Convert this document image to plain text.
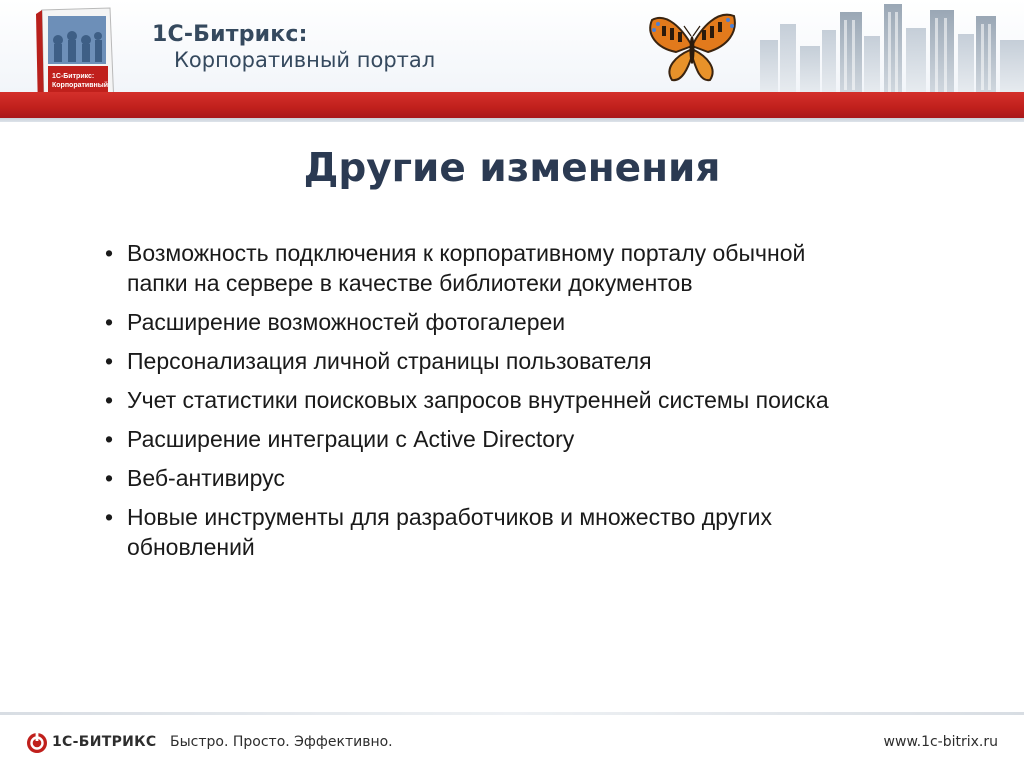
1С-Битрикс:
Корпоративный
1С-Битрикс:
Корпоративный портал
Другие изменения
• Возможность подключения к корпоративному порталу обычной папки на сервере в качестве библиотеки документов
• Расширение возможностей фотогалереи
• Персонализация личной страницы пользователя
• Учет статистики поисковых запросов внутренней системы поиска
• Расширение интеграции с Active Directory
• Веб-антивирус
• Новые инструменты для разработчиков и множество других обновлений
1С-БИТРИКС Быстро. Просто. Эффективно.	www.1c-bitrix.ru
